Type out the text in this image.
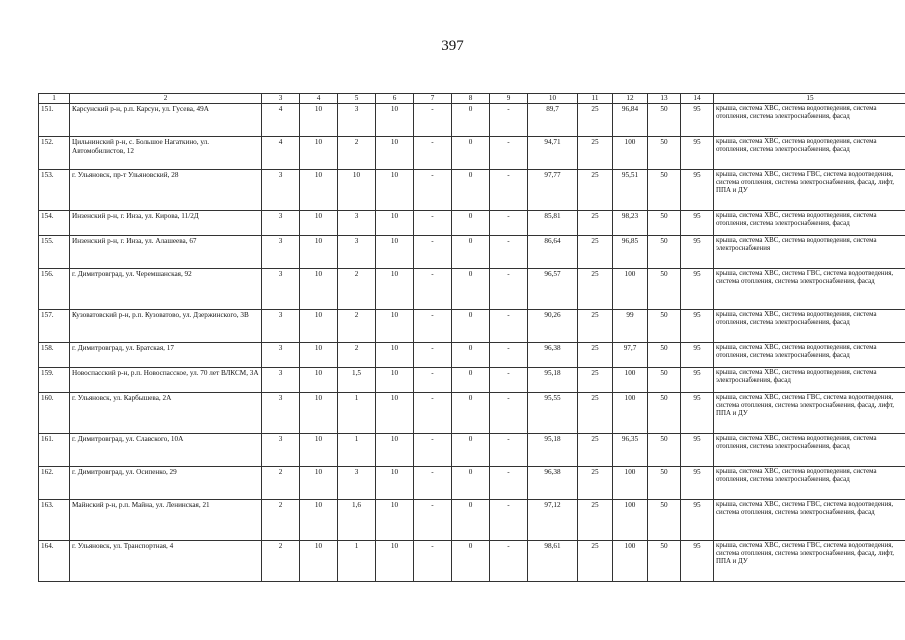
397
1	2	3	4	5	6	7	8	9	10	11	12	13	14	15
151.	Карсунский р-н, р.п. Карсун, ул. Гусева, 49А	4	10	3	10	-	0	-	89,7	25	96,84	50	95	крыша, система ХВС, система водоотведения, система отопления, система электроснабжения, фасад
152.	Цильнинский р-н, с. Большое Нагаткино, ул. Автомобилистов, 12	4	10	2	10	-	0	-	94,71	25	100	50	95	крыша, система ХВС, система водоотведения, система отопления, система электроснабжения, фасад
153.	г. Ульяновск, пр-т Ульяновский, 28	3	10	10	10	-	0	-	97,77	25	95,51	50	95	крыша, система ХВС, система ГВС, система водоотведения, система отопления, система электроснабжения, фасад, лифт, ППА и ДУ
154.	Инзенский р-н, г. Инза, ул. Кирова, 11/2Д	3	10	3	10	-	0	-	85,81	25	98,23	50	95	крыша, система ХВС, система водоотведения, система отопления, система электроснабжения, фасад
155.	Инзенский р-н, г. Инза, ул. Алашеева, 67	3	10	3	10	-	0	-	86,64	25	96,85	50	95	крыша, система ХВС, система водоотведения, система электроснабжения
156.	г. Димитровград, ул. Черемшанская, 92	3	10	2	10	-	0	-	96,57	25	100	50	95	крыша, система ХВС, система ГВС, система водоотведения, система отопления, система электроснабжения, фасад
157.	Кузоватовский р-н, р.п. Кузоватово, ул. Дзержинского, 3В	3	10	2	10	-	0	-	90,26	25	99	50	95	крыша, система ХВС, система водоотведения, система отопления, система электроснабжения, фасад
158.	г. Димитровград, ул. Братская, 17	3	10	2	10	-	0	-	96,38	25	97,7	50	95	крыша, система ХВС, система водоотведения, система отопления, система электроснабжения, фасад
159.	Новоспасский р-н, р.п. Новоспасское, ул. 70 лет ВЛКСМ, 3А	3	10	1,5	10	-	0	-	95,18	25	100	50	95	крыша, система ХВС, система водоотведения, система электроснабжения, фасад
160.	г. Ульяновск, ул. Карбышева, 2А	3	10	1	10	-	0	-	95,55	25	100	50	95	крыша, система ХВС, система ГВС, система водоотведения, система отопления, система электроснабжения, фасад, лифт, ППА и ДУ
161.	г. Димитровград, ул. Славского, 10А	3	10	1	10	-	0	-	95,18	25	96,35	50	95	крыша, система ХВС, система водоотведения, система отопления, система электроснабжения, фасад
162.	г. Димитровград, ул. Осипенко, 29	2	10	3	10	-	0	-	96,38	25	100	50	95	крыша, система ХВС, система водоотведения, система отопления, система электроснабжения, фасад
163.	Майнский р-н, р.п. Майна, ул. Ленинская, 21	2	10	1,6	10	-	0	-	97,12	25	100	50	95	крыша, система ХВС, система ГВС, система водоотведения, система отопления, система электроснабжения, фасад
164.	г. Ульяновск, ул. Транспортная, 4	2	10	1	10	-	0	-	98,61	25	100	50	95	крыша, система ХВС, система ГВС, система водоотведения, система отопления, система электроснабжения, фасад, лифт, ППА и ДУ
